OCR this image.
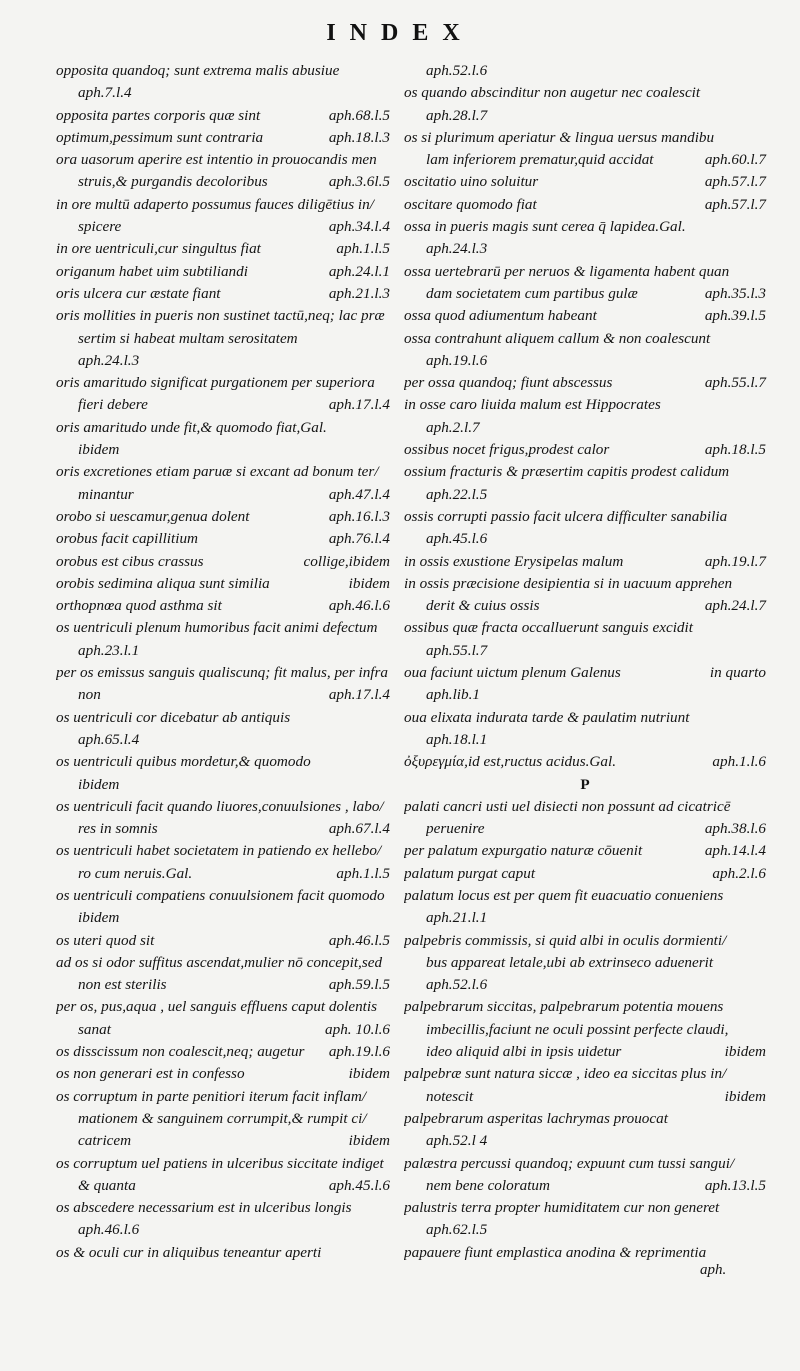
INDEX
opposita quandoq; sunt extrema malis abusiue
aph.7.l.4
opposita partes corporis quæ sint	aph.68.l.5
optimum,pessimum sunt contraria	aph.18.l.3
ora uasorum aperire est intentio in prouocandis men
struis,& purgandis decoloribus	aph.3.6l.5
in ore multū adaperto possumus fauces diligētius in/
spicere	aph.34.l.4
in ore uentriculi,cur singultus fiat	aph.1.l.5
origanum habet uim subtiliandi	aph.24.l.1
oris ulcera cur æstate fiant	aph.21.l.3
oris mollities in pueris non sustinet tactū,neq; lac præ
sertim si habeat multam serositatem
aph.24.l.3
oris amaritudo significat purgationem per superiora
fieri debere	aph.17.l.4
oris amaritudo unde fit,& quomodo fiat,Gal.
ibidem
oris excretiones etiam paruæ si excant ad bonum ter/
minantur	aph.47.l.4
orobo si uescamur,genua dolent	aph.16.l.3
orobus facit capillitium	aph.76.l.4
orobus est cibus crassus	collige,ibidem
orobis sedimina aliqua sunt similia	ibidem
orthopnœa quod asthma sit	aph.46.l.6
os uentriculi plenum humoribus facit animi defectum
aph.23.l.1
per os emissus sanguis qualiscunq; fit malus, per infra
non	aph.17.l.4
os uentriculi cor dicebatur ab antiquis
aph.65.l.4
os uentriculi quibus mordetur,& quomodo
ibidem
os uentriculi facit quando liuores,conuulsiones , labo/
res in somnis	aph.67.l.4
os uentriculi habet societatem in patiendo ex hellebo/
ro cum neruis.Gal.	aph.1.l.5
os uentriculi compatiens conuulsionem facit quomodo
ibidem
os uteri quod sit	aph.46.l.5
ad os si odor suffitus ascendat,mulier nō concepit,sed
non est sterilis	aph.59.l.5
per os, pus,aqua , uel sanguis effluens caput dolentis
sanat	aph. 10.l.6
os disscissum non coalescit,neq; augetur	aph.19.l.6
os non generari est in confesso	ibidem
os corruptum in parte penitiori iterum facit inflam/
mationem & sanguinem corrumpit,& rumpit ci/
catricem	ibidem
os corruptum uel patiens in ulceribus siccitate indiget
& quanta	aph.45.l.6
os abscedere necessarium est in ulceribus longis
aph.46.l.6
os & oculi cur in aliquibus teneantur aperti
aph.52.l.6
os quando abscinditur non augetur nec coalescit
aph.28.l.7
os si plurimum aperiatur & lingua uersus mandibu
lam inferiorem prematur,quid accidat	aph.60.l.7
oscitatio uino soluitur	aph.57.l.7
oscitare quomodo fiat	aph.57.l.7
ossa in pueris magis sunt cerea q̄ lapidea.Gal.
aph.24.l.3
ossa uertebrarū per neruos & ligamenta habent quan
dam societatem cum partibus gulæ	aph.35.l.3
ossa quod adiumentum habeant	aph.39.l.5
ossa contrahunt aliquem callum & non coalescunt
aph.19.l.6
per ossa quandoq; fiunt abscessus	aph.55.l.7
in osse caro liuida malum est Hippocrates
aph.2.l.7
ossibus nocet frigus,prodest calor	aph.18.l.5
ossium fracturis & præsertim capitis prodest calidum
aph.22.l.5
ossis corrupti passio facit ulcera difficulter sanabilia
aph.45.l.6
in ossis exustione Erysipelas malum	aph.19.l.7
in ossis præcisione desipientia si in uacuum apprehen
derit & cuius ossis	aph.24.l.7
ossibus quæ fracta occalluerunt sanguis excidit
aph.55.l.7
oua faciunt uictum plenum Galenus	in quarto
aph.lib.1
oua elixata indurata tarde & paulatim nutriunt
aph.18.l.1
ὀξυρεγμία,id est,ructus acidus.Gal.	aph.1.l.6
P
palati cancri usti uel disiecti non possunt ad cicatricē
peruenire	aph.38.l.6
per palatum expurgatio naturæ cōuenit	aph.14.l.4
palatum purgat caput	aph.2.l.6
palatum locus est per quem fit euacuatio conueniens
aph.21.l.1
palpebris commissis, si quid albi in oculis dormienti/
bus appareat letale,ubi ab extrinseco aduenerit
aph.52.l.6
palpebrarum siccitas, palpebrarum potentia mouens
imbecillis,faciunt ne oculi possint perfecte claudi,
ideo aliquid albi in ipsis uidetur	ibidem
palpebræ sunt natura siccæ , ideo ea siccitas plus in/
notescit	ibidem
palpebrarum asperitas lachrymas prouocat
aph.52.l 4
palæstra percussi quandoq; expuunt cum tussi sangui/
nem bene coloratum	aph.13.l.5
palustris terra propter humiditatem cur non generet
aph.62.l.5
papauere fiunt emplastica anodina & reprimentia
aph.
